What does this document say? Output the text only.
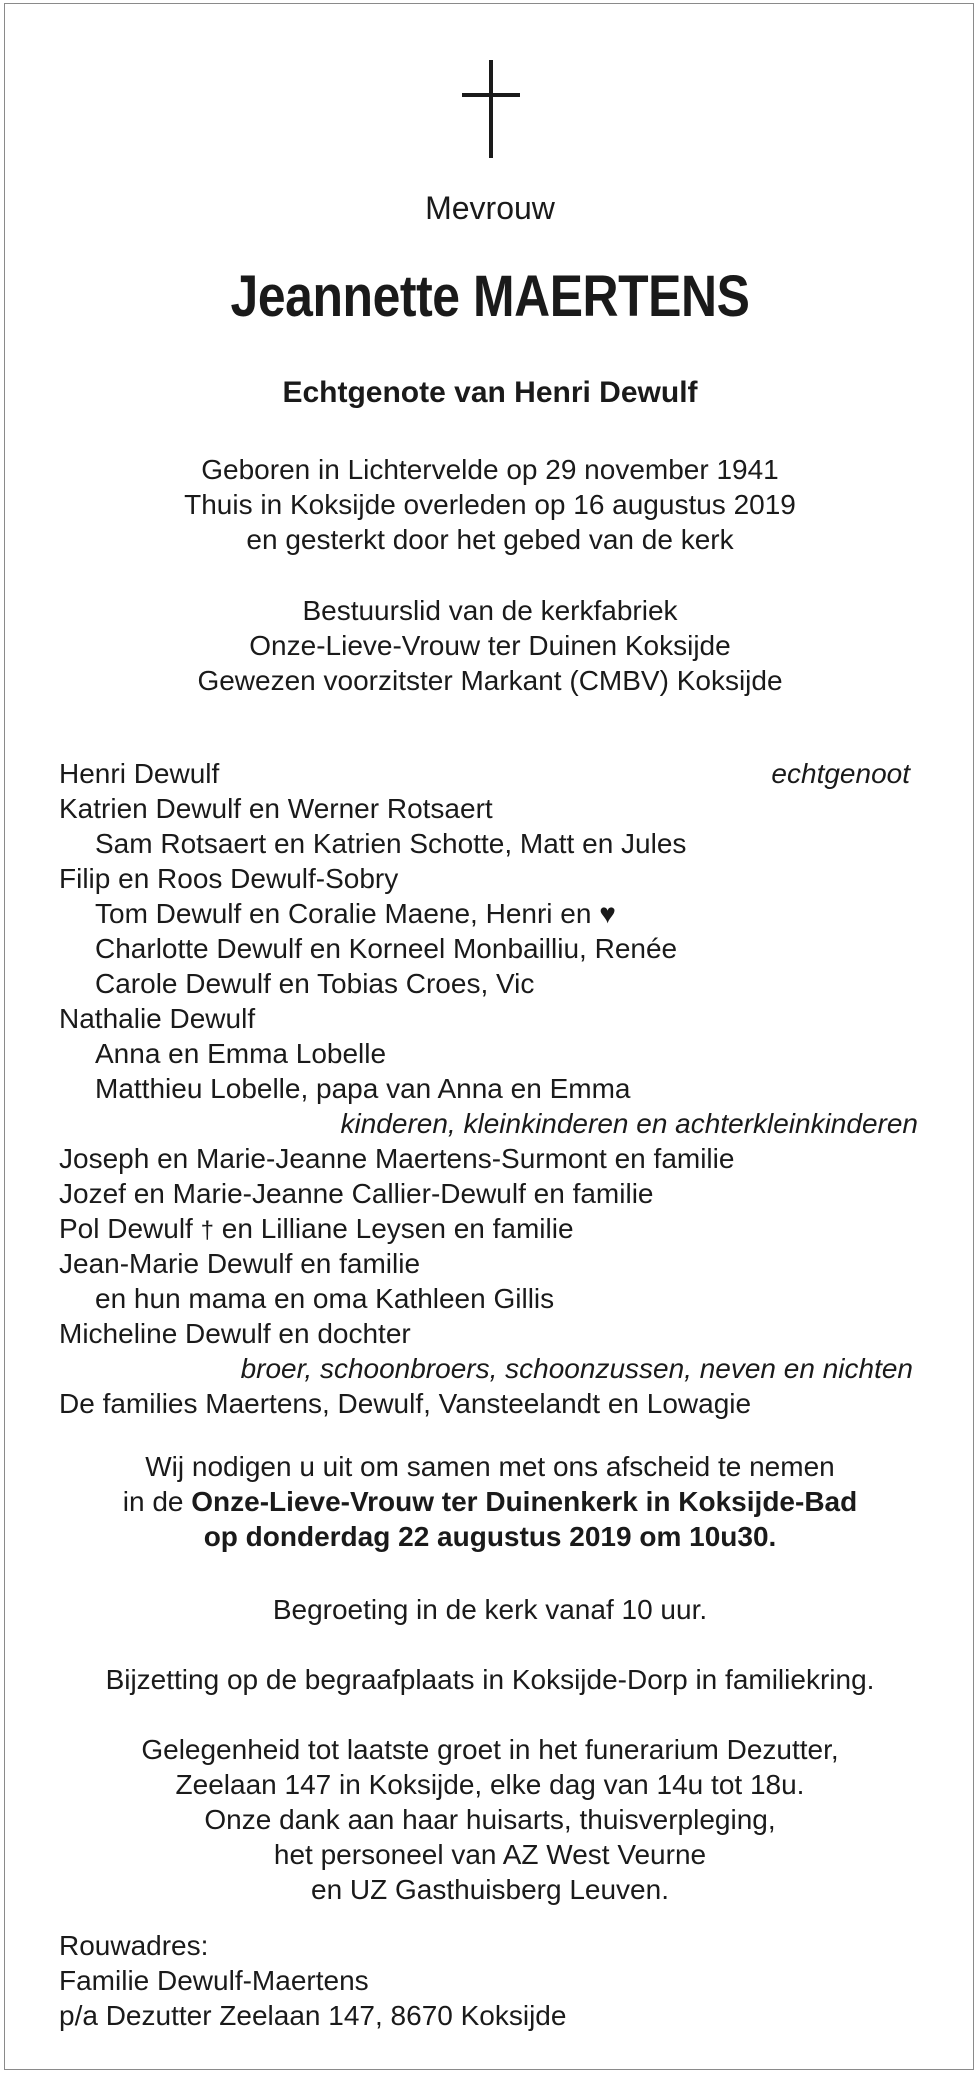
Mevrouw
Jeannette MAERTENS
Echtgenote van Henri Dewulf
Geboren in Lichtervelde op 29 november 1941
Thuis in Koksijde overleden op 16 augustus 2019
en gesterkt door het gebed van de kerk
Bestuurslid van de kerkfabriek
Onze-Lieve-Vrouw ter Duinen Koksijde
Gewezen voorzitster Markant (CMBV) Koksijde
Henri Dewulf	echtgenoot
Katrien Dewulf en Werner Rotsaert
Sam Rotsaert en Katrien Schotte, Matt en Jules
Filip en Roos Dewulf-Sobry
Tom Dewulf en Coralie Maene, Henri en ♥
Charlotte Dewulf en Korneel Monbailliu, Renée
Carole Dewulf en Tobias Croes, Vic
Nathalie Dewulf
Anna en Emma Lobelle
Matthieu Lobelle, papa van Anna en Emma
kinderen, kleinkinderen en achterkleinkinderen
Joseph en Marie-Jeanne Maertens-Surmont en familie
Jozef en Marie-Jeanne Callier-Dewulf en familie
Pol Dewulf † en Lilliane Leysen en familie
Jean-Marie Dewulf en familie
en hun mama en oma Kathleen Gillis
Micheline Dewulf en dochter
broer, schoonbroers, schoonzussen, neven en nichten
De families Maertens, Dewulf, Vansteelandt en Lowagie
Wij nodigen u uit om samen met ons afscheid te nemen
in de Onze-Lieve-Vrouw ter Duinenkerk in Koksijde-Bad
op donderdag 22 augustus 2019 om 10u30.
Begroeting in de kerk vanaf 10 uur.
Bijzetting op de begraafplaats in Koksijde-Dorp in familiekring.
Gelegenheid tot laatste groet in het funerarium Dezutter,
Zeelaan 147 in Koksijde, elke dag van 14u tot 18u.
Onze dank aan haar huisarts, thuisverpleging,
het personeel van AZ West Veurne
en UZ Gasthuisberg Leuven.
Rouwadres:
Familie Dewulf-Maertens
p/a Dezutter Zeelaan 147, 8670 Koksijde
